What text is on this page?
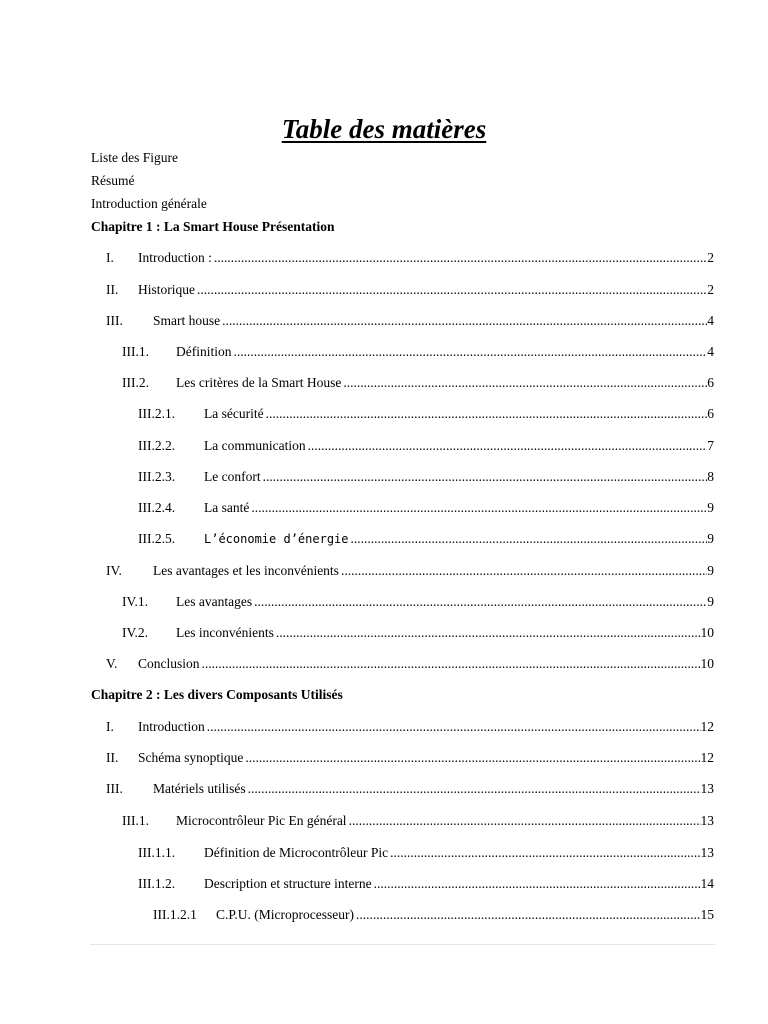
Table des matières
Liste des Figure
Résumé
Introduction générale
Chapitre 1 : La Smart House Présentation
I.	Introduction : .....	2
II.	Historique .....	2
III.	Smart house .....	4
III.1.	Définition .....	4
III.2.	Les critères de la Smart House .....	6
III.2.1.	La sécurité .....	6
III.2.2.	La communication .....	7
III.2.3.	Le confort .....	8
III.2.4.	La santé .....	9
III.2.5.	L’économie d’énergie .....	9
IV.	Les avantages et les inconvénients .....	9
IV.1.	Les avantages .....	9
IV.2.	Les inconvénients .....	10
V.	Conclusion .....	10
Chapitre 2 : Les divers Composants Utilisés
I.	Introduction .....	12
II.	Schéma synoptique .....	12
III.	Matériels utilisés .....	13
III.1.	Microcontrôleur Pic En général .....	13
III.1.1.	Définition de Microcontrôleur Pic .....	13
III.1.2.	Description et structure interne .....	14
III.1.2.1	C.P.U. (Microprocesseur) .....	15
